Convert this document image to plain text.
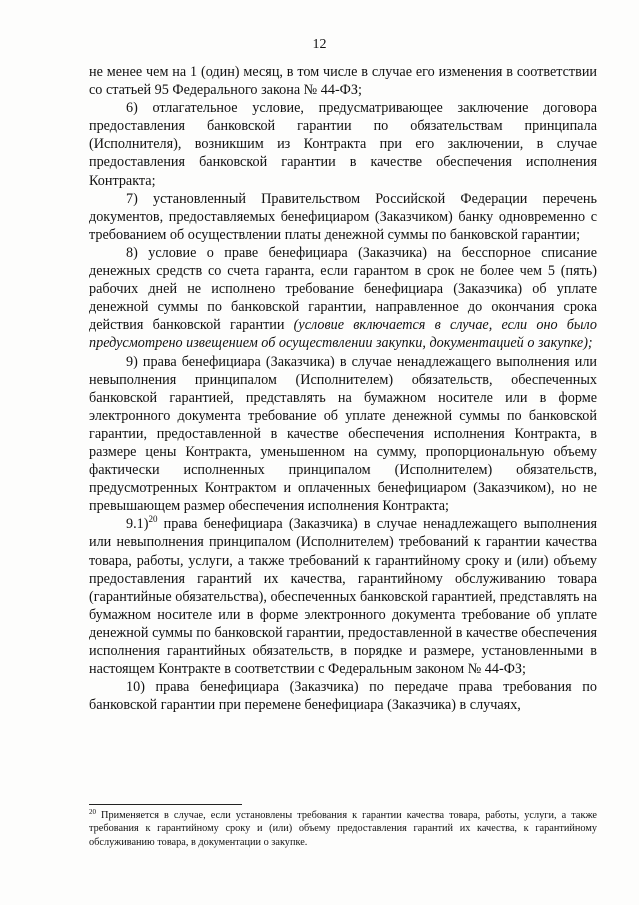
12

не менее чем на 1 (один) месяц, в том числе в случае его изменения в соответствии со статьей 95 Федерального закона № 44-ФЗ;

6) отлагательное условие, предусматривающее заключение договора предоставления банковской гарантии по обязательствам принципала (Исполнителя), возникшим из Контракта при его заключении, в случае предоставления банковской гарантии в качестве обеспечения исполнения Контракта;

7) установленный Правительством Российской Федерации перечень документов, предоставляемых бенефициаром (Заказчиком) банку одновременно с требованием об осуществлении платы денежной суммы по банковской гарантии;

8) условие о праве бенефициара (Заказчика) на бесспорное списание денежных средств со счета гаранта, если гарантом в срок не более чем 5 (пять) рабочих дней не исполнено требование бенефициара (Заказчика) об уплате денежной суммы по банковской гарантии, направленное до окончания срока действия банковской гарантии (условие включается в случае, если оно было предусмотрено извещением об осуществлении закупки, документацией о закупке);

9) права бенефициара (Заказчика) в случае ненадлежащего выполнения или невыполнения принципалом (Исполнителем) обязательств, обеспеченных банковской гарантией, представлять на бумажном носителе или в форме электронного документа требование об уплате денежной суммы по банковской гарантии, предоставленной в качестве обеспечения исполнения Контракта, в размере цены Контракта, уменьшенном на сумму, пропорциональную объему фактически исполненных принципалом (Исполнителем) обязательств, предусмотренных Контрактом и оплаченных бенефициаром (Заказчиком), но не превышающем размер обеспечения исполнения Контракта;

9.1)$^{20}$ права бенефициара (Заказчика) в случае ненадлежащего выполнения или невыполнения принципалом (Исполнителем) требований к гарантии качества товара, работы, услуги, а также требований к гарантийному сроку и (или) объему предоставления гарантий их качества, гарантийному обслуживанию товара (гарантийные обязательства), обеспеченных банковской гарантией, представлять на бумажном носителе или в форме электронного документа требование об уплате денежной суммы по банковской гарантии, предоставленной в качестве обеспечения исполнения гарантийных обязательств, в порядке и размере, установленными в настоящем Контракте в соответствии с Федеральным законом № 44-ФЗ;

10) права бенефициара (Заказчика) по передаче права требования по банковской гарантии при перемене бенефициара (Заказчика) в случаях,

$^{20}$ Применяется в случае, если установлены требования к гарантии качества товара, работы, услуги, а также требования к гарантийному сроку и (или) объему предоставления гарантий их качества, к гарантийному обслуживанию товара, в документации о закупке.
